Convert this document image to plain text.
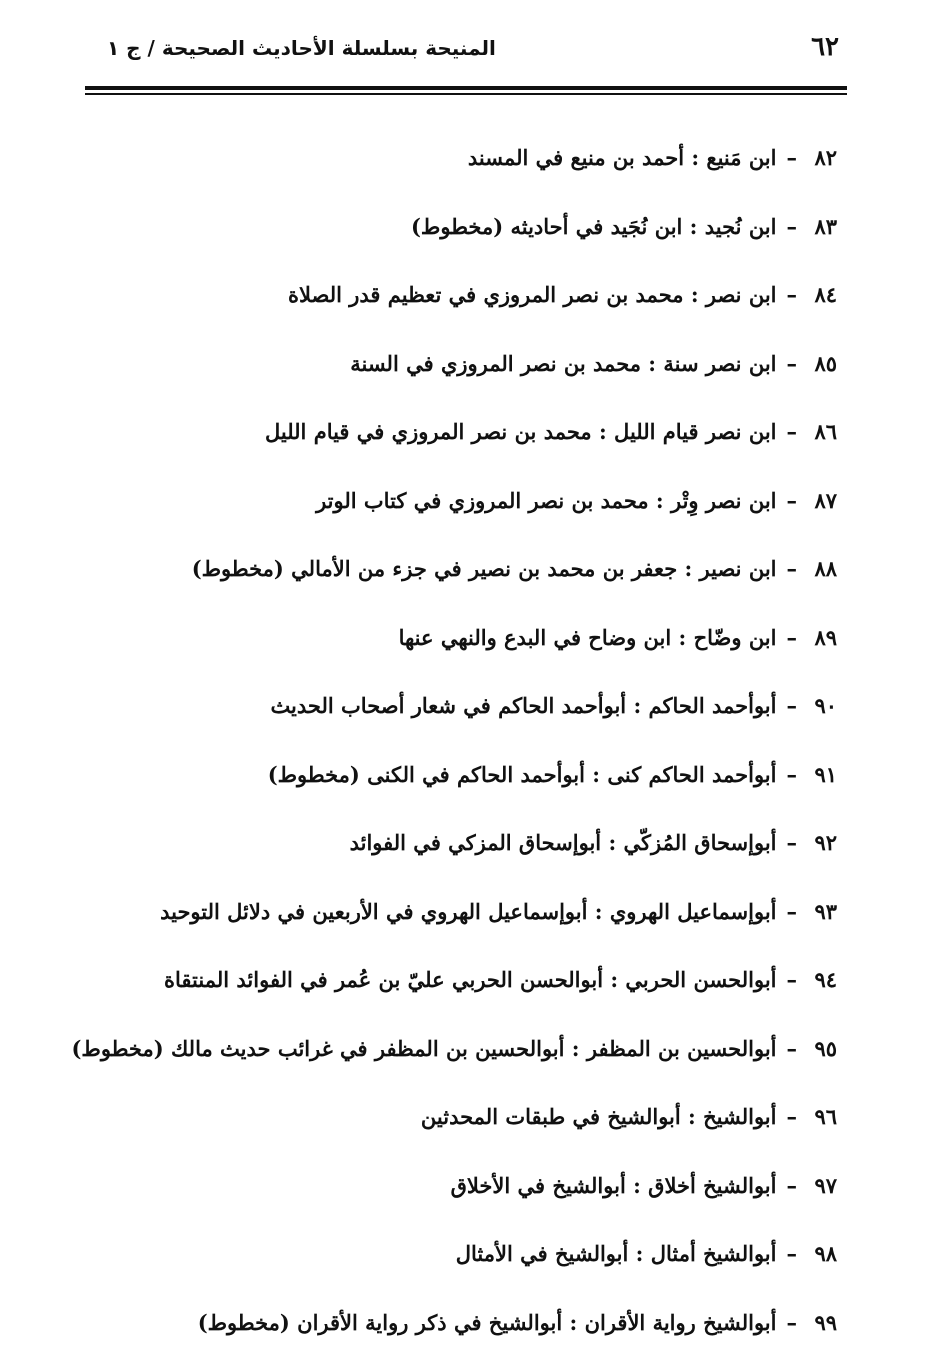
٦٢
المنيحة بسلسلة الأحاديث الصحيحة / ج ١
٨٢–ابن مَنيع : أحمد بن منيع في المسند
٨٣–ابن نُجيد : ابن نُجَيد في أحاديثه (مخطوط)
٨٤–ابن نصر : محمد بن نصر المروزي في تعظيم قدر الصلاة
٨٥–ابن نصر سنة : محمد بن نصر المروزي في السنة
٨٦–ابن نصر قيام الليل : محمد بن نصر المروزي في قيام الليل
٨٧–ابن نصر وِتْر : محمد بن نصر المروزي في كتاب الوتر
٨٨–ابن نصير : جعفر بن محمد بن نصير في جزء من الأمالي (مخطوط)
٨٩–ابن وضّاح : ابن وضاح في البدع والنهي عنها
٩٠–أبوأحمد الحاكم : أبوأحمد الحاكم في شعار أصحاب الحديث
٩١–أبوأحمد الحاكم كنى : أبوأحمد الحاكم في الكنى (مخطوط)
٩٢–أبوإسحاق المُزكّي : أبوإسحاق المزكي في الفوائد
٩٣–أبوإسماعيل الهروي : أبوإسماعيل الهروي في الأربعين في دلائل التوحيد
٩٤–أبوالحسن الحربي : أبوالحسن الحربي عليّ بن عُمر في الفوائد المنتقاة
٩٥–أبوالحسين بن المظفر : أبوالحسين بن المظفر في غرائب حديث مالك (مخطوط)
٩٦–أبوالشيخ : أبوالشيخ في طبقات المحدثين
٩٧–أبوالشيخ أخلاق : أبوالشيخ في الأخلاق
٩٨–أبوالشيخ أمثال : أبوالشيخ في الأمثال
٩٩–أبوالشيخ رواية الأقران : أبوالشيخ في ذكر رواية الأقران (مخطوط)
